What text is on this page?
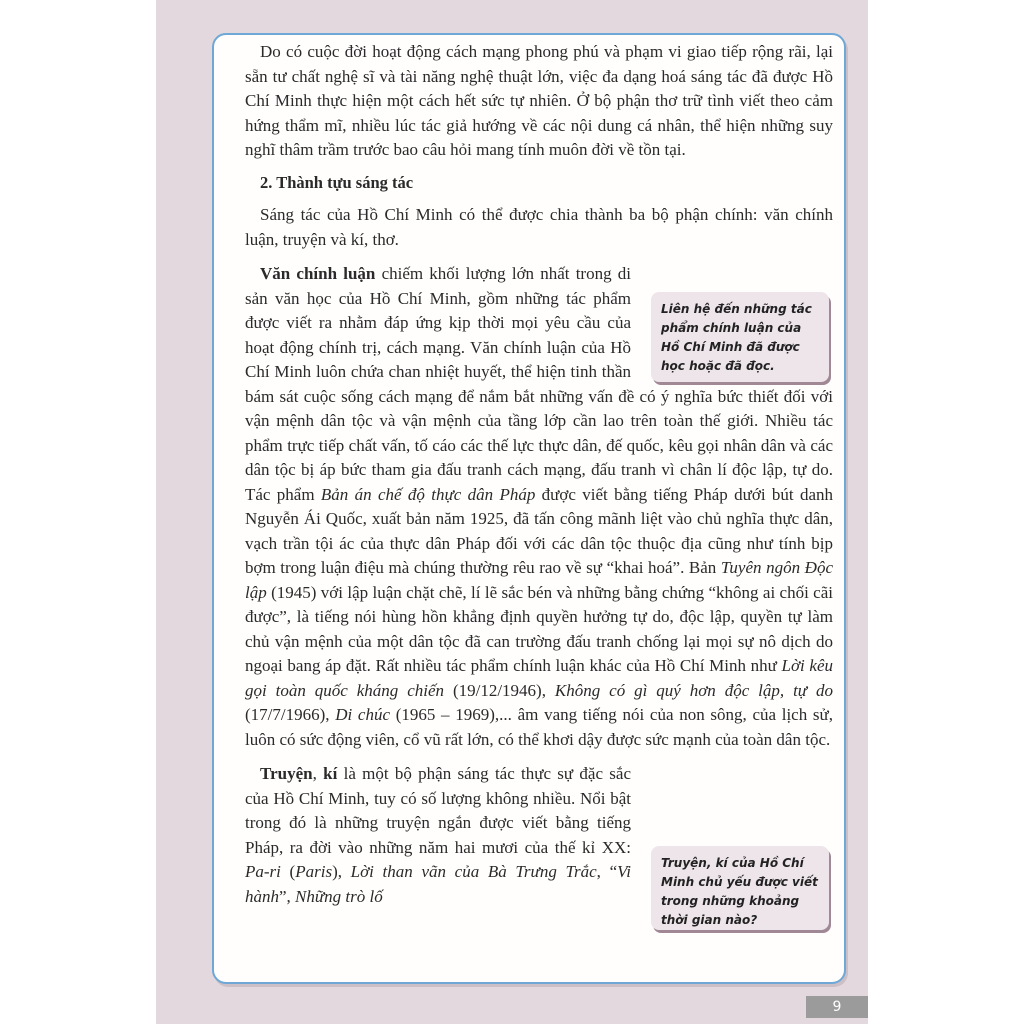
Do có cuộc đời hoạt động cách mạng phong phú và phạm vi giao tiếp rộng rãi, lại sẵn tư chất nghệ sĩ và tài năng nghệ thuật lớn, việc đa dạng hoá sáng tác đã được Hồ Chí Minh thực hiện một cách hết sức tự nhiên. Ở bộ phận thơ trữ tình viết theo cảm hứng thẩm mĩ, nhiều lúc tác giả hướng về các nội dung cá nhân, thể hiện những suy nghĩ thâm trầm trước bao câu hỏi mang tính muôn đời về tồn tại.

2. Thành tựu sáng tác

Sáng tác của Hồ Chí Minh có thể được chia thành ba bộ phận chính: văn chính luận, truyện và kí, thơ.

Văn chính luận chiếm khối lượng lớn nhất trong di sản văn học của Hồ Chí Minh, gồm những tác phẩm được viết ra nhằm đáp ứng kịp thời mọi yêu cầu của hoạt động chính trị, cách mạng. Văn chính luận của Hồ Chí Minh luôn chứa chan nhiệt huyết, thể hiện tinh thần bám sát cuộc sống cách mạng để nắm bắt những vấn đề có ý nghĩa bức thiết đối với vận mệnh dân tộc và vận mệnh của tầng lớp cần lao trên toàn thế giới. Nhiều tác phẩm trực tiếp chất vấn, tố cáo các thế lực thực dân, đế quốc, kêu gọi nhân dân và các dân tộc bị áp bức tham gia đấu tranh cách mạng, đấu tranh vì chân lí độc lập, tự do. Tác phẩm Bản án chế độ thực dân Pháp được viết bằng tiếng Pháp dưới bút danh Nguyễn Ái Quốc, xuất bản năm 1925, đã tấn công mãnh liệt vào chủ nghĩa thực dân, vạch trần tội ác của thực dân Pháp đối với các dân tộc thuộc địa cũng như tính bịp bợm trong luận điệu mà chúng thường rêu rao về sự “khai hoá”. Bản Tuyên ngôn Độc lập (1945) với lập luận chặt chẽ, lí lẽ sắc bén và những bằng chứng “không ai chối cãi được”, là tiếng nói hùng hồn khẳng định quyền hưởng tự do, độc lập, quyền tự làm chủ vận mệnh của một dân tộc đã can trường đấu tranh chống lại mọi sự nô dịch do ngoại bang áp đặt. Rất nhiều tác phẩm chính luận khác của Hồ Chí Minh như Lời kêu gọi toàn quốc kháng chiến (19/12/1946), Không có gì quý hơn độc lập, tự do (17/7/1966), Di chúc (1965 – 1969),... âm vang tiếng nói của non sông, của lịch sử, luôn có sức động viên, cổ vũ rất lớn, có thể khơi dậy được sức mạnh của toàn dân tộc.

Truyện, kí là một bộ phận sáng tác thực sự đặc sắc của Hồ Chí Minh, tuy có số lượng không nhiều. Nổi bật trong đó là những truyện ngắn được viết bằng tiếng Pháp, ra đời vào những năm hai mươi của thế kỉ XX: Pa-ri (Paris), Lời than vãn của Bà Trưng Trắc, “Vi hành”, Những trò lố

Liên hệ đến những tác phẩm chính luận của Hồ Chí Minh đã được học hoặc đã đọc.
Truyện, kí của Hồ Chí Minh chủ yếu được viết trong những khoảng thời gian nào?
9
